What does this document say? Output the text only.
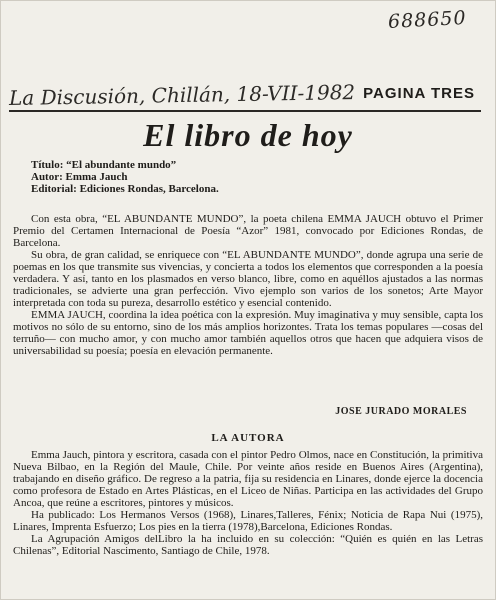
688650
La Discusión, Chillán, 18-VII-1982 PAGINA TRES
El libro de hoy
Título: “El abundante mundo”
Autor: Emma Jauch
Editorial: Ediciones Rondas, Barcelona.

Con esta obra, “EL ABUNDANTE MUNDO”, la poeta chilena EMMA JAUCH obtuvo el Primer Premio del Certamen Internacional de Poesía “Azor” 1981, convocado por Ediciones Rondas, de Barcelona.

Su obra, de gran calidad, se enriquece con “EL ABUNDANTE MUNDO”, donde agrupa una serie de poemas en los que transmite sus vivencias, y concierta a todos los elementos que corresponden a la poesía verdadera. Y así, tanto en los plasmados en verso blanco, libre, como en aquéllos ajustados a las normas tradicionales, se advierte una gran perfección. Vivo ejemplo son varios de los sonetos; Arte Mayor interpretada con toda su pureza, desarrollo estético y esencial contenido.

EMMA JAUCH, coordina la idea poética con la expresión. Muy imaginativa y muy sensible, capta los motivos no sólo de su entorno, sino de los más amplios horizontes. Trata los temas populares —cosas del terruño— con mucho amor, y con mucho amor también aquellos otros que hacen que adquiera visos de universabilidad su poesía; poesía en elevación permanente.

JOSE JURADO MORALES
LA AUTORA

Emma Jauch, pintora y escritora, casada con el pintor Pedro Olmos, nace en Constitución, la primitiva Nueva Bilbao, en la Región del Maule, Chile. Por veinte años reside en Buenos Aires (Argentina), trabajando en diseño gráfico. De regreso a la patria, fija su residencia en Linares, donde ejerce la docencia como profesora de Estado en Artes Plásticas, en el Liceo de Niñas. Participa en las actividades del Grupo Ancoa, que reúne a escritores, pintores y músicos.

Ha publicado: Los Hermanos Versos (1968), Linares,Talleres, Fénix; Noticia de Rapa Nui (1975), Linares, Imprenta Esfuerzo; Los pies en la tierra (1978),Barcelona, Ediciones Rondas.

La Agrupación Amigos delLibro la ha incluido en su colección: “Quién es quién en las Letras Chilenas”, Editorial Nascimento, Santiago de Chile, 1978.
